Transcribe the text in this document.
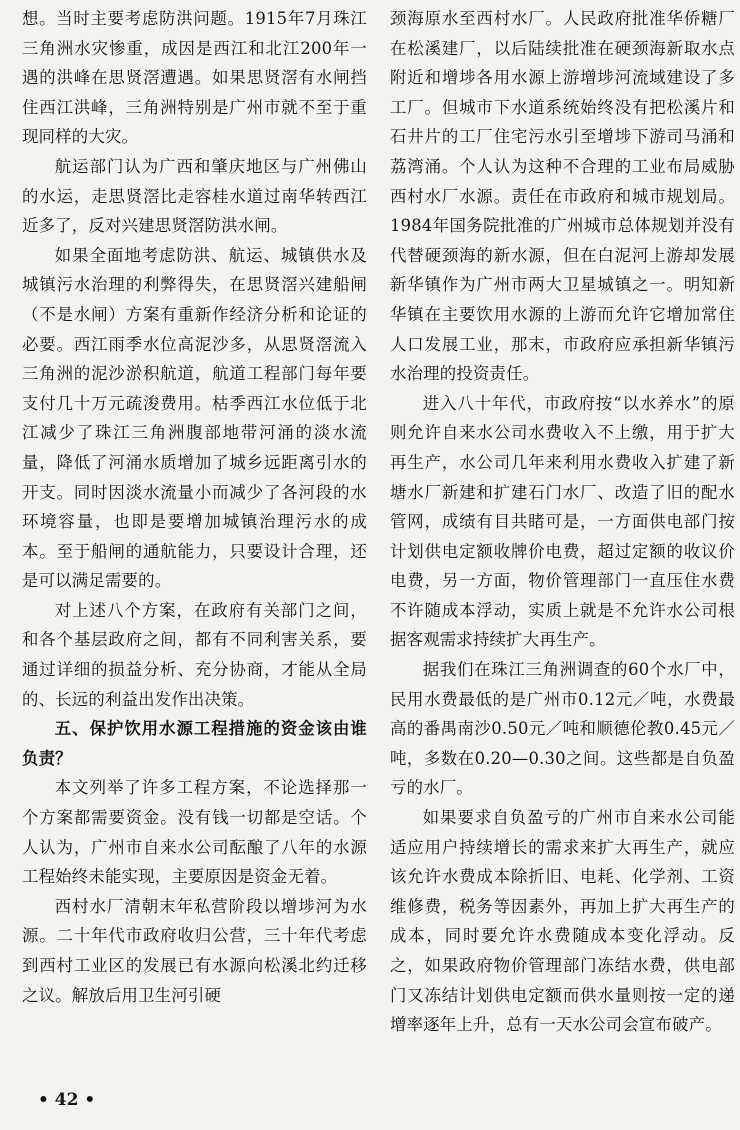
想。当时主要考虑防洪问题。1915年7月珠江三角洲水灾惨重，成因是西江和北江200年一遇的洪峰在思贤滘遭遇。如果思贤滘有水闸挡住西江洪峰，三角洲特别是广州市就不至于重现同样的大灾。

航运部门认为广西和肇庆地区与广州佛山的水运，走思贤滘比走容桂水道过南华转西江近多了，反对兴建思贤滘防洪水闸。

如果全面地考虑防洪、航运、城镇供水及城镇污水治理的利弊得失，在思贤滘兴建船闸（不是水闸）方案有重新作经济分析和论证的必要。西江雨季水位高泥沙多，从思贤滘流入三角洲的泥沙淤积航道，航道工程部门每年要支付几十万元疏浚费用。枯季西江水位低于北江减少了珠江三角洲腹部地带河涌的淡水流量，降低了河涌水质增加了城乡远距离引水的开支。同时因淡水流量小而减少了各河段的水环境容量，也即是要增加城镇治理污水的成本。至于船闸的通航能力，只要设计合理，还是可以满足需要的。

对上述八个方案，在政府有关部门之间，和各个基层政府之间，都有不同利害关系，要通过详细的损益分析、充分协商，才能从全局的、长远的利益出发作出决策。

五、保护饮用水源工程措施的资金该由谁负责？

本文列举了许多工程方案，不论选择那一个方案都需要资金。没有钱一切都是空话。个人认为，广州市自来水公司酝酿了八年的水源工程始终未能实现，主要原因是资金无着。

西村水厂清朝末年私营阶段以增埗河为水源。二十年代市政府收归公营，三十年代考虑到西村工业区的发展已有水源向松溪北约迁移之议。解放后用卫生河引硬

颈海原水至西村水厂。人民政府批准华侨糖厂在松溪建厂，以后陆续批准在硬颈海新取水点附近和增埗各用水源上游增埗河流域建设了多工厂。但城市下水道系统始终没有把松溪片和石井片的工厂住宅污水引至增埗下游司马涌和荔湾涌。个人认为这种不合理的工业布局威胁西村水厂水源。责任在市政府和城市规划局。1984年国务院批准的广州城市总体规划并没有代替硬颈海的新水源，但在白泥河上游却发展新华镇作为广州市两大卫星城镇之一。明知新华镇在主要饮用水源的上游而允许它增加常住人口发展工业，那末，市政府应承担新华镇污水治理的投资责任。

进入八十年代，市政府按“以水养水”的原则允许自来水公司水费收入不上缴，用于扩大再生产，水公司几年来利用水费收入扩建了新塘水厂新建和扩建石门水厂、改造了旧的配水管网，成绩有目共睹可是，一方面供电部门按计划供电定额收牌价电费，超过定额的收议价电费，另一方面，物价管理部门一直压住水费不许随成本浮动，实质上就是不允许水公司根据客观需求持续扩大再生产。

据我们在珠江三角洲调查的60个水厂中，民用水费最低的是广州市0.12元／吨，水费最高的番禺南沙0.50元／吨和顺德伦教0.45元／吨，多数在0.20—0.30之间。这些都是自负盈亏的水厂。

如果要求自负盈亏的广州市自来水公司能适应用户持续增长的需求来扩大再生产，就应该允许水费成本除折旧、电耗、化学剂、工资维修费，税务等因素外，再加上扩大再生产的成本，同时要允许水费随成本变化浮动。反之，如果政府物价管理部门冻结水费，供电部门又冻结计划供电定额而供水量则按一定的递增率逐年上升，总有一天水公司会宣布破产。

• 42 •
